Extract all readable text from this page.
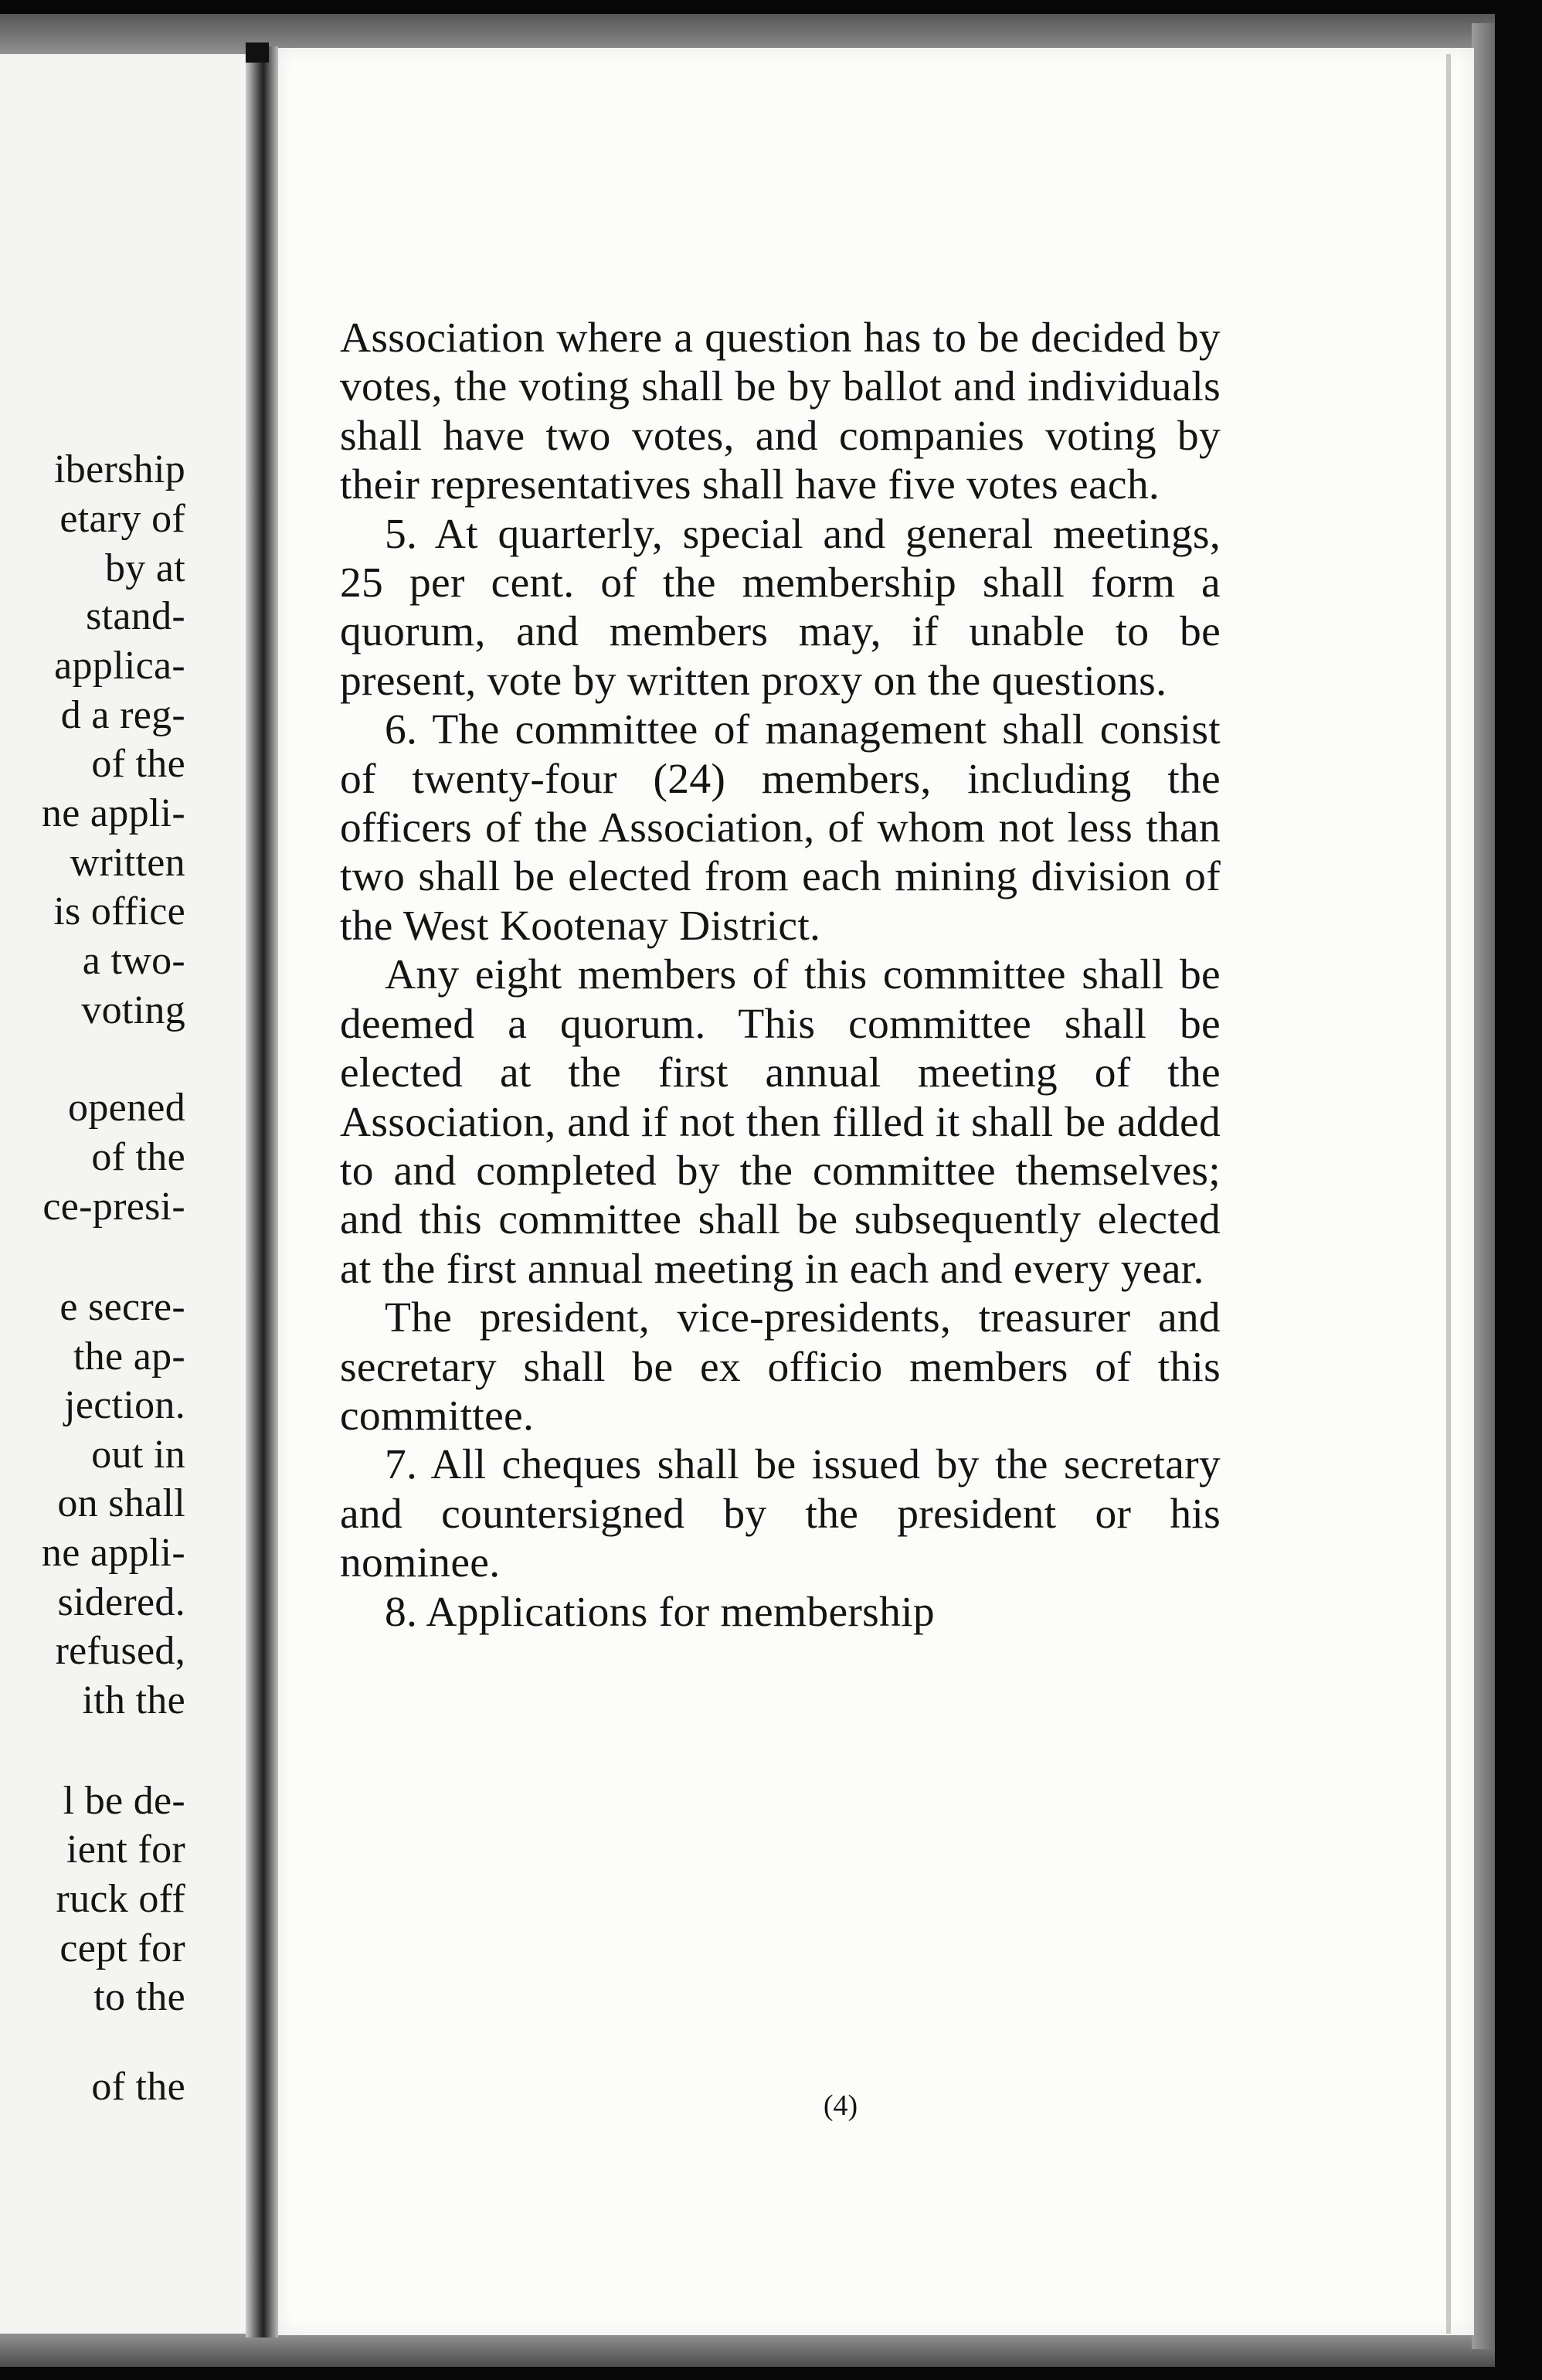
ibership
etary of
by at
stand-
applica-
d a reg-
of the
ne appli-
written
is office
a two-
voting
opened
of the
ce-presi-
e secre-
the ap-
jection.
out in
on shall
ne appli-
sidered.
refused,
ith the
l be de-
ient for
ruck off
cept for
to the
of the

Association where a question has to be decided by votes, the voting shall be by ballot and individuals shall have two votes, and companies voting by their representatives shall have five votes each.

5. At quarterly, special and general meetings, 25 per cent. of the membership shall form a quorum, and members may, if unable to be present, vote by written proxy on the questions.

6. The committee of management shall consist of twenty-four (24) members, including the officers of the Association, of whom not less than two shall be elected from each mining division of the West Kootenay District.

Any eight members of this committee shall be deemed a quorum. This committee shall be elected at the first annual meeting of the Association, and if not then filled it shall be added to and completed by the committee themselves; and this committee shall be subsequently elected at the first annual meeting in each and every year.

The president, vice-presidents, treasurer and secretary shall be ex officio members of this committee.

7. All cheques shall be issued by the secretary and countersigned by the president or his nominee.

8. Applications for membership

(4)
